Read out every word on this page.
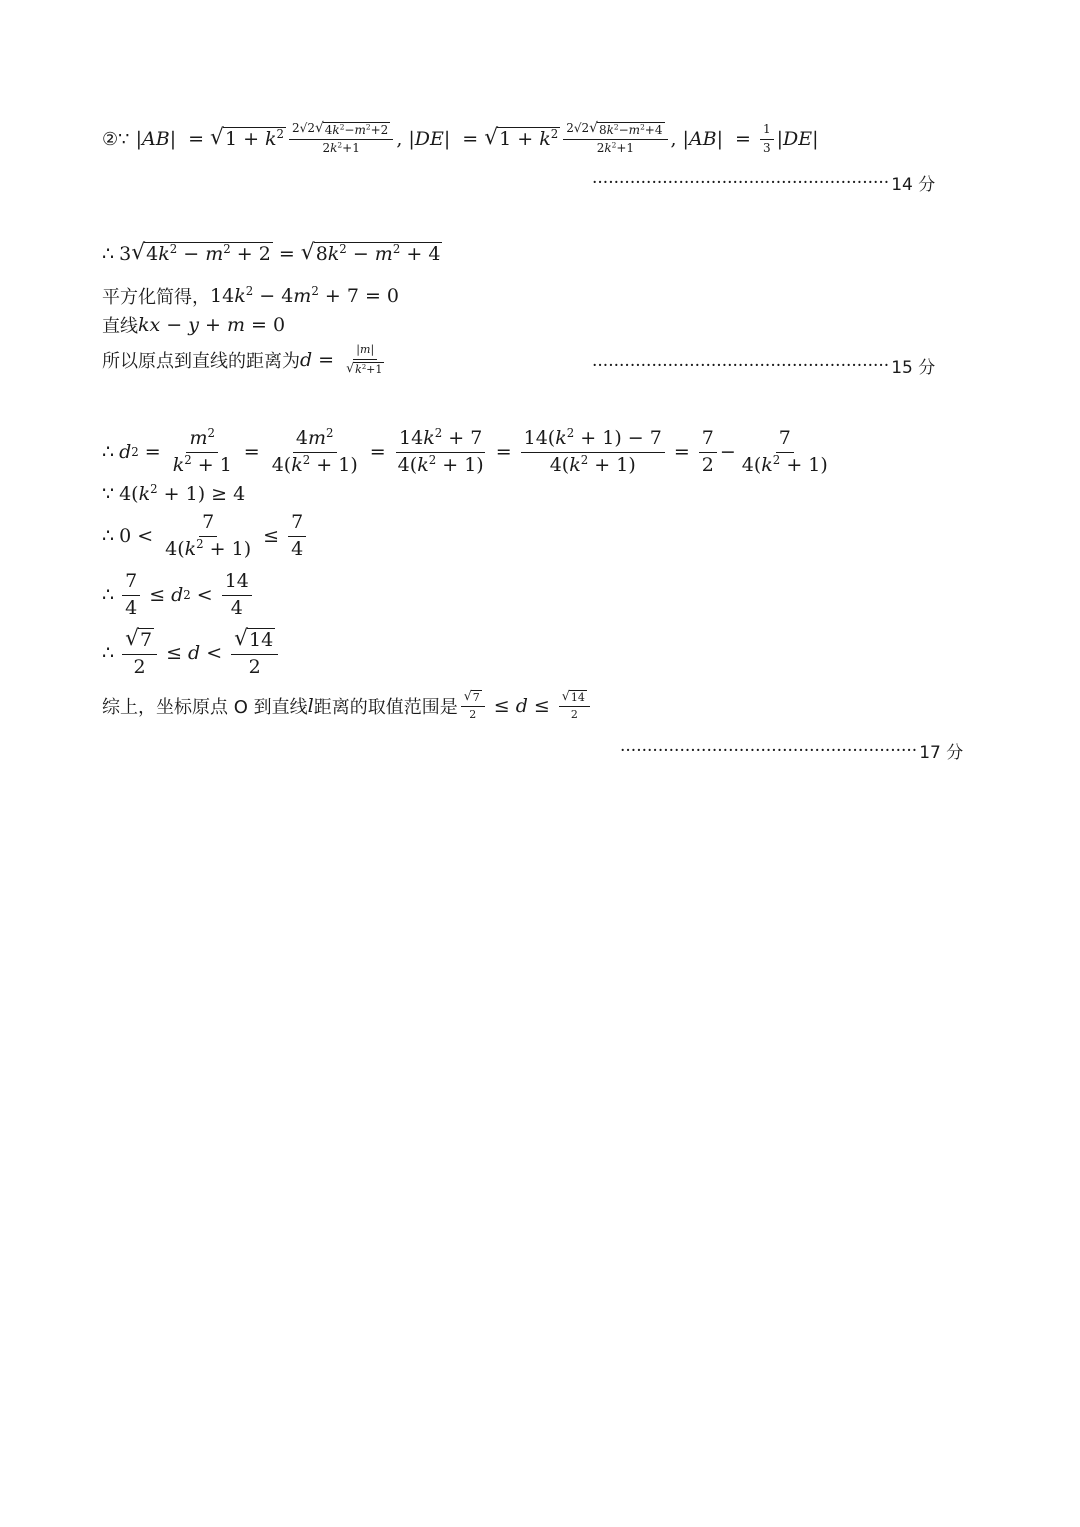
②∵ |AB| = √ $1 + k^2 \frac{2√2 √ 4k^2-m^2+2}{2k^2+1}$ , |DE| = √ $1 + k^2 \frac{2√2 √ 8k^2-m^2+4}{2k^2+1}$ , $|AB| = \frac{1}{3} |DE|$
······················································· 14 分
∴ 3 √ $4k^2 - m^2 + 2$ = √ $8k^2 - m^2 + 4$
平方化简得， $14k^2 - 4m^2 + 7 = 0$
直线 kx − y + m = 0
所以原点到直线的距离为 $d = \frac{|m|}{√ k^2+1}$	······················································· 15 分
∴ d $2 = \frac{m^2}{k^2 + 1} = \frac{4m^2}{4(k^2 + 1)} = \frac{14k^2 + 7}{4(k^2 + 1)} = \frac{14(k^2 + 1) - 7}{4(k^2 + 1)} = \frac{7}{2} - \frac{7}{4(k^2 + 1)}$
∵ $4(k^2 + 1) \ge 4$
∴ $0 < \frac{7}{4(k^2 + 1)} \le \frac{7}{4}$
∴ $\frac{7}{4} \le d$ $2 < \frac{14}{4}$
∴ $\frac{√ 7}{2} \le d < \frac{√ 14}{2}$
综上，坐标原点 O 到直线 l 距离的取值范围是 $\frac{√ 7}{2} \le d \le \frac{√ 14}{2}$
······················································· 17 分
